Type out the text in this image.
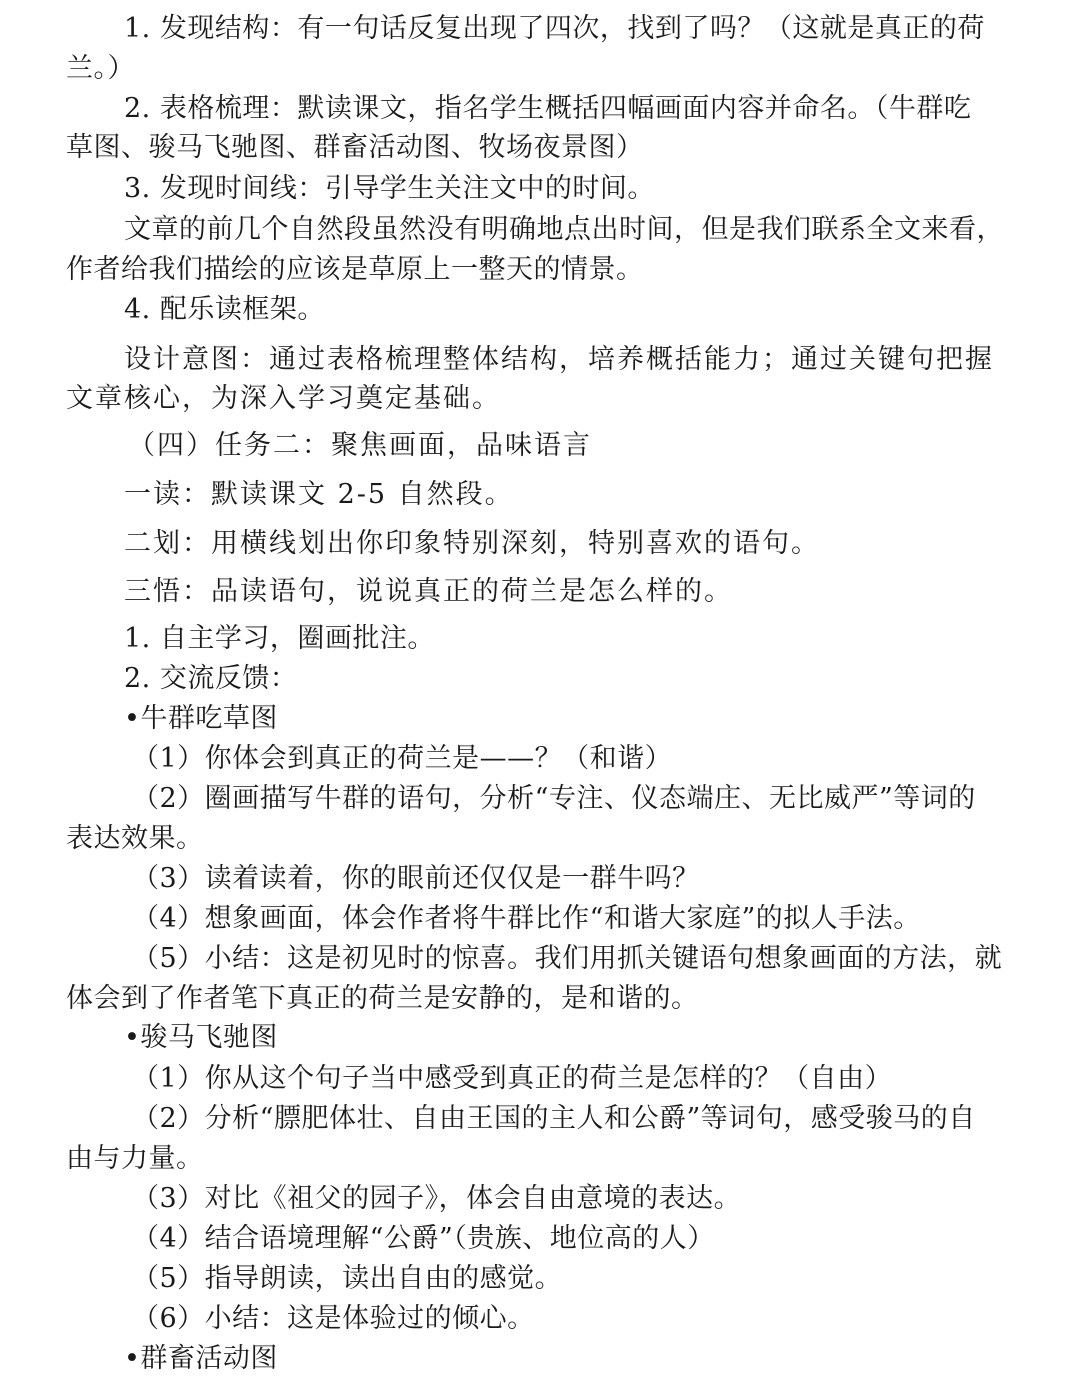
1. 发现结构：有一句话反复出现了四次，找到了吗？（这就是真正的荷
兰。）
2. 表格梳理：默读课文，指名学生概括四幅画面内容并命名。（牛群吃
草图、骏马飞驰图、群畜活动图、牧场夜景图）
3. 发现时间线：引导学生关注文中的时间。
文章的前几个自然段虽然没有明确地点出时间，但是我们联系全文来看，
作者给我们描绘的应该是草原上一整天的情景。
4. 配乐读框架。
设计意图：通过表格梳理整体结构，培养概括能力；通过关键句把握
文章核心，为深入学习奠定基础。
（四）任务二：聚焦画面，品味语言
一读：默读课文 2-5 自然段。
二划：用横线划出你印象特别深刻，特别喜欢的语句。
三悟：品读语句，说说真正的荷兰是怎么样的。
1. 自主学习，圈画批注。
2. 交流反馈：
•牛群吃草图
（1）你体会到真正的荷兰是——？（和谐）
（2）圈画描写牛群的语句，分析“专注、仪态端庄、无比威严”等词的
表达效果。
（3）读着读着，你的眼前还仅仅是一群牛吗？
（4）想象画面，体会作者将牛群比作“和谐大家庭”的拟人手法。
（5）小结：这是初见时的惊喜。我们用抓关键语句想象画面的方法，就
体会到了作者笔下真正的荷兰是安静的，是和谐的。
•骏马飞驰图
（1）你从这个句子当中感受到真正的荷兰是怎样的？（自由）
（2）分析“膘肥体壮、自由王国的主人和公爵”等词句，感受骏马的自
由与力量。
（3）对比《祖父的园子》，体会自由意境的表达。
（4）结合语境理解“公爵”（贵族、地位高的人）
（5）指导朗读，读出自由的感觉。
（6）小结：这是体验过的倾心。
•群畜活动图
